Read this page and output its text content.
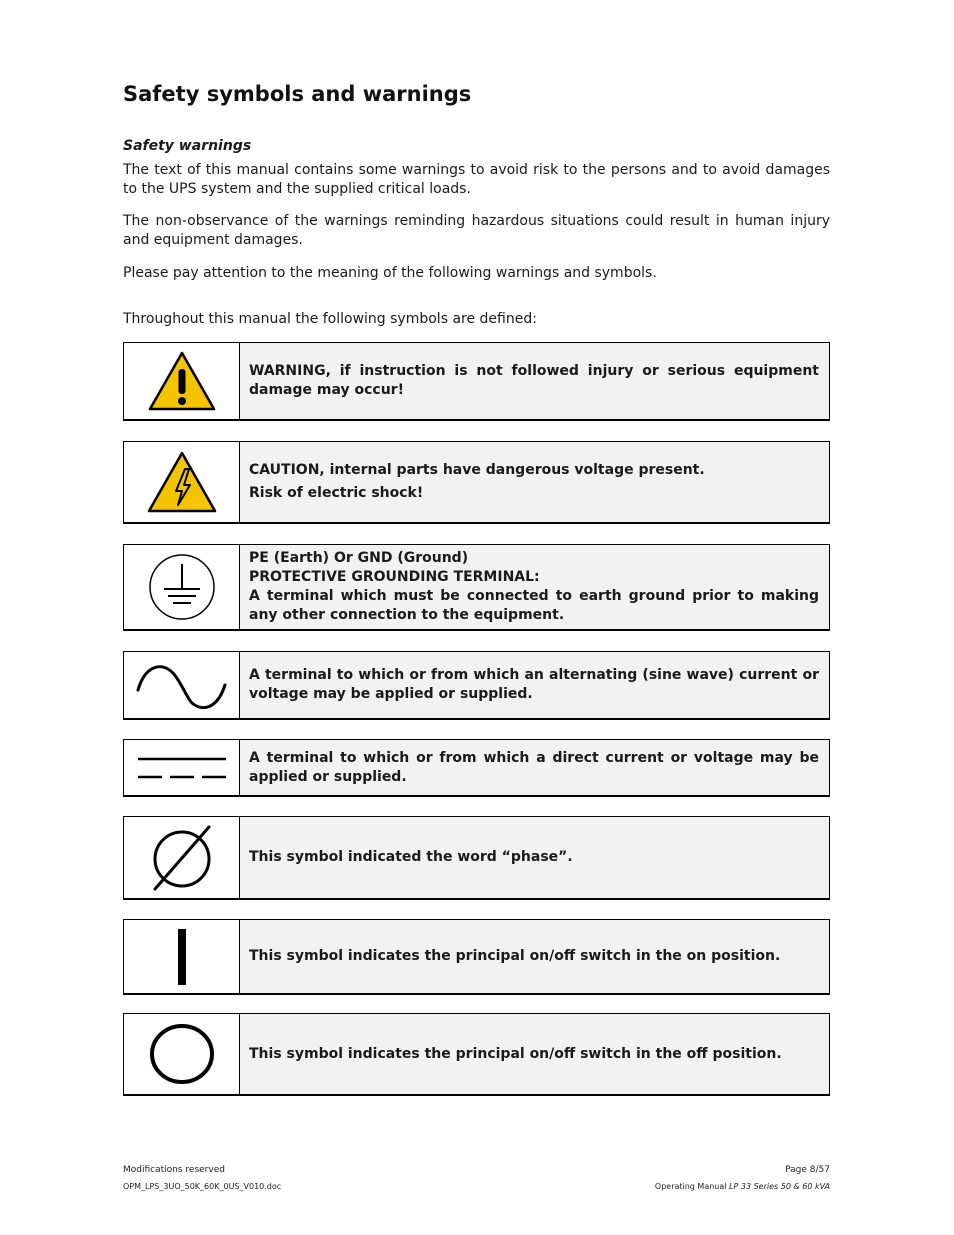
Safety symbols and warnings
Safety warnings
The text of this manual contains some warnings to avoid risk to the persons and to avoid damages to the UPS system and the supplied critical loads.
The non-observance of the warnings reminding hazardous situations could result in human injury and equipment damages.
Please pay attention to the meaning of the following warnings and symbols.
Throughout this manual the following symbols are defined:
WARNING, if instruction is not followed injury or serious equipment damage may occur!
CAUTION, internal parts have dangerous voltage present.
Risk of electric shock!
PE (Earth) Or GND (Ground)
PROTECTIVE GROUNDING TERMINAL:
A terminal which must be connected to earth ground prior to making any other connection to the equipment.
A terminal to which or from which an alternating (sine wave) current or voltage may be applied or supplied.
A terminal to which or from which a direct current or voltage may be applied or supplied.
This symbol indicated the word “phase”.
This symbol indicates the principal on/off switch in the on position.
This symbol indicates the principal on/off switch in the off position.
Modifications reserved
OPM_LPS_3UO_50K_60K_0US_V010.doc
Page 8/57
Operating Manual LP 33 Series 50 & 60 kVA
